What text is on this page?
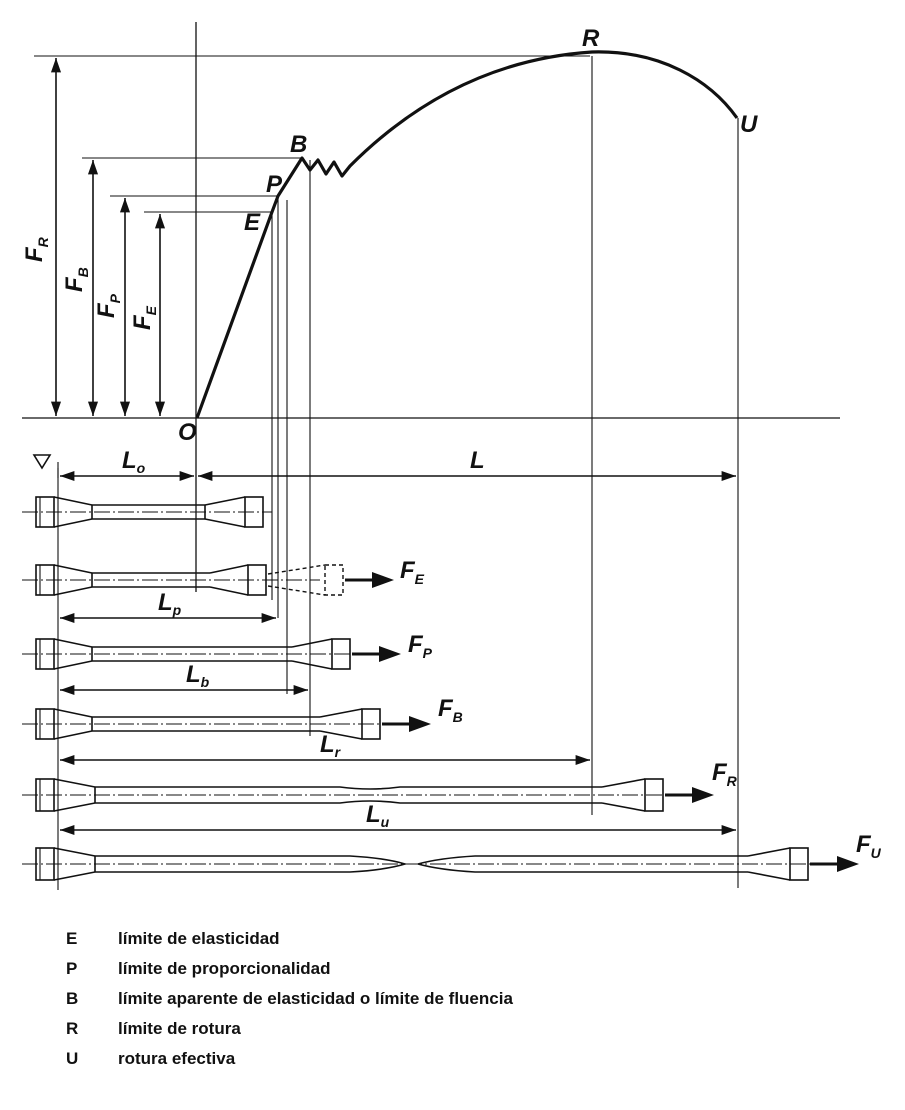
O
E
P
B
R
U
FR
FB
FP
FE
FE
FP
FB
FR
FU
Lo	L
Lp
Lb
Lr
Lu
E	límite de elasticidad
P	límite de proporcionalidad
B	límite aparente de elasticidad o límite de fluencia
R	límite de rotura
U	rotura efectiva
